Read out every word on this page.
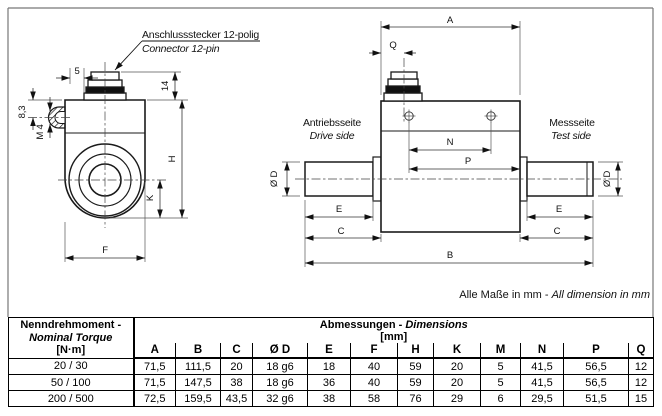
5
14
8,3
M 4
H
K
F
Anschlussstecker 12-polig
Connector 12-pin
A
Q
N
P
E
C
E
C
B
Ø D	Ø D
Antriebsseite
Drive side
Messseite
Test side
Alle Maße in mm - All dimension in mm
Nenndrehmoment -
Nominal Torque
[N·m]	Abmessungen - Dimensions											
	[mm]											
	A	B	C	Ø D	E	F	H	K	M	N	P	Q
20 / 30	71,5	111,5	20	18 g6	18	40	59	20	5	41,5	56,5	12
50 / 100	71,5	147,5	38	18 g6	36	40	59	20	5	41,5	56,5	12
200 / 500	72,5	159,5	43,5	32 g6	38	58	76	29	6	29,5	51,5	15
